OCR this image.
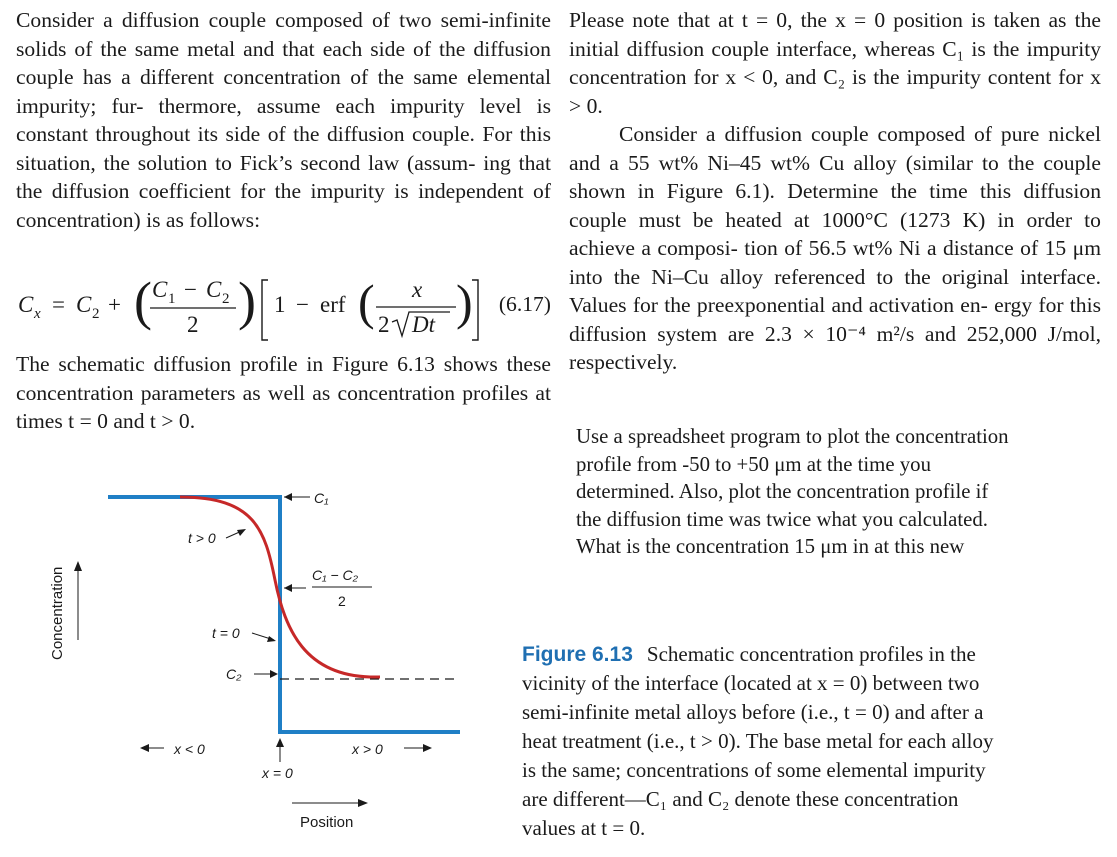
Consider a diffusion couple composed of two semi-infinite solids of the same metal and that each side of the diffusion couple has a different concentration of the same elemental impurity; fur- thermore, assume each impurity level is constant throughout its side of the diffusion couple. For this situation, the solution to Fick’s second law (assum- ing that the diffusion coefficient for the impurity is independent of concentration) is as follows:

C x = C 2 + ( C 1 − C 2
2 ) 1 − erf ( x
2 Dt ) (6.17)

The schematic diffusion profile in Figure 6.13 shows these concentration parameters as well as concentration profiles at times t = 0 and t > 0.

Please note that at t = 0, the x = 0 position is taken as the initial diffusion couple interface, whereas C₁ is the impurity concentration for x < 0, and C₂ is the impurity content for x > 0.

Consider a diffusion couple composed of pure nickel and a 55 wt% Ni–45 wt% Cu alloy (similar to the couple shown in Figure 6.1). Determine the time this diffusion couple must be heated at 1000°C (1273 K) in order to achieve a composi- tion of 56.5 wt% Ni a distance of 15 μm into the Ni–Cu alloy referenced to the original interface. Values for the preexponential and activation en- ergy for this diffusion system are 2.3 × 10⁻⁴ m²/s and 252,000 J/mol, respectively.

Use a spreadsheet program to plot the concentration

profile from -50 to +50 μm at the time you

determined. Also, plot the concentration profile if

the diffusion time was twice what you calculated.

What is the concentration 15 μm in at this new

C₁
t > 0
C₁ − C₂
2
t = 0
C₂
x < 0	x > 0
x = 0
Concentration
Position

Figure 6.13 Schematic concentration profiles in the

vicinity of the interface (located at x = 0) between two

semi-infinite metal alloys before (i.e., t = 0) and after a

heat treatment (i.e., t > 0). The base metal for each alloy

is the same; concentrations of some elemental impurity

are different—C₁ and C₂ denote these concentration

values at t = 0.
